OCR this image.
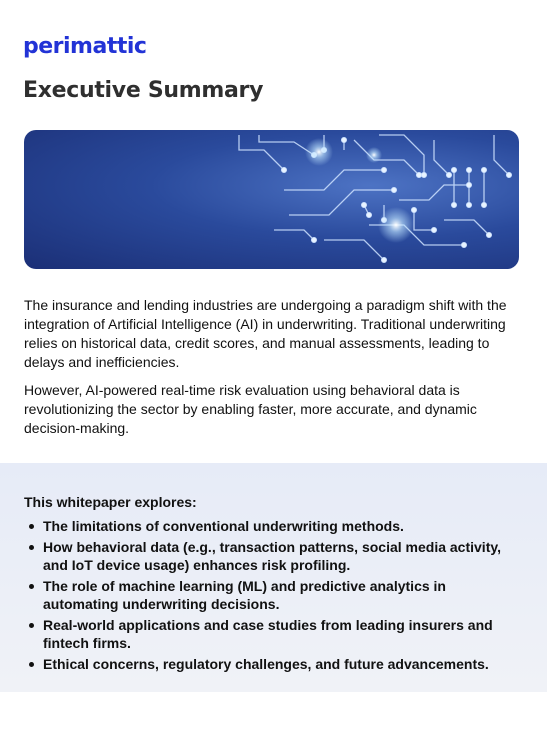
perimattic
Executive Summary

The insurance and lending industries are undergoing a paradigm shift with the integration of Artificial Intelligence (AI) in underwriting. Traditional underwriting relies on historical data, credit scores, and manual assessments, leading to delays and inefficiencies.

However, AI-powered real-time risk evaluation using behavioral data is revolutionizing the sector by enabling faster, more accurate, and dynamic decision-making.

This whitepaper explores:
The limitations of conventional underwriting methods.
How behavioral data (e.g., transaction patterns, social media activity, and IoT device usage) enhances risk profiling.
The role of machine learning (ML) and predictive analytics in automating underwriting decisions.
Real-world applications and case studies from leading insurers and fintech firms.
Ethical concerns, regulatory challenges, and future advancements.
